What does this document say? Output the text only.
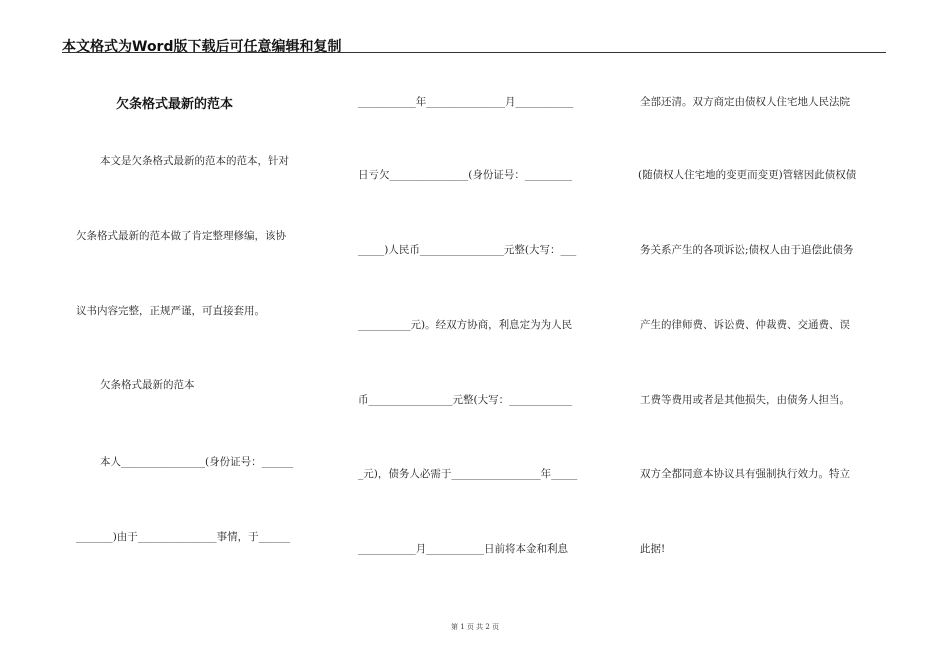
本文格式为Word版下载后可任意编辑和复制
欠条格式最新的范本
本文是欠条格式最新的范本的范本，针对
欠条格式最新的范本做了肯定整理修编，该协
议书内容完整，正规严谨，可直接套用。
欠条格式最新的范本
本人________________(身份证号：______
_______)由于_______________事情，于______
___________年_______________月___________
日亏欠_______________(身份证号：_________
_____)人民币________________元整(大写：___
__________元)。经双方协商，利息定为为人民
币________________元整(大写：____________
_元)，债务人必需于_________________年_____
___________月___________日前将本金和利息
全部还清。双方商定由债权人住宅地人民法院
(随债权人住宅地的变更而变更)管辖因此债权债
务关系产生的各项诉讼;债权人由于追偿此债务
产生的律师费、诉讼费、仲裁费、交通费、误
工费等费用或者是其他损失，由债务人担当。
双方全都同意本协议具有强制执行效力。特立
此据!
第 1 页 共 2 页
